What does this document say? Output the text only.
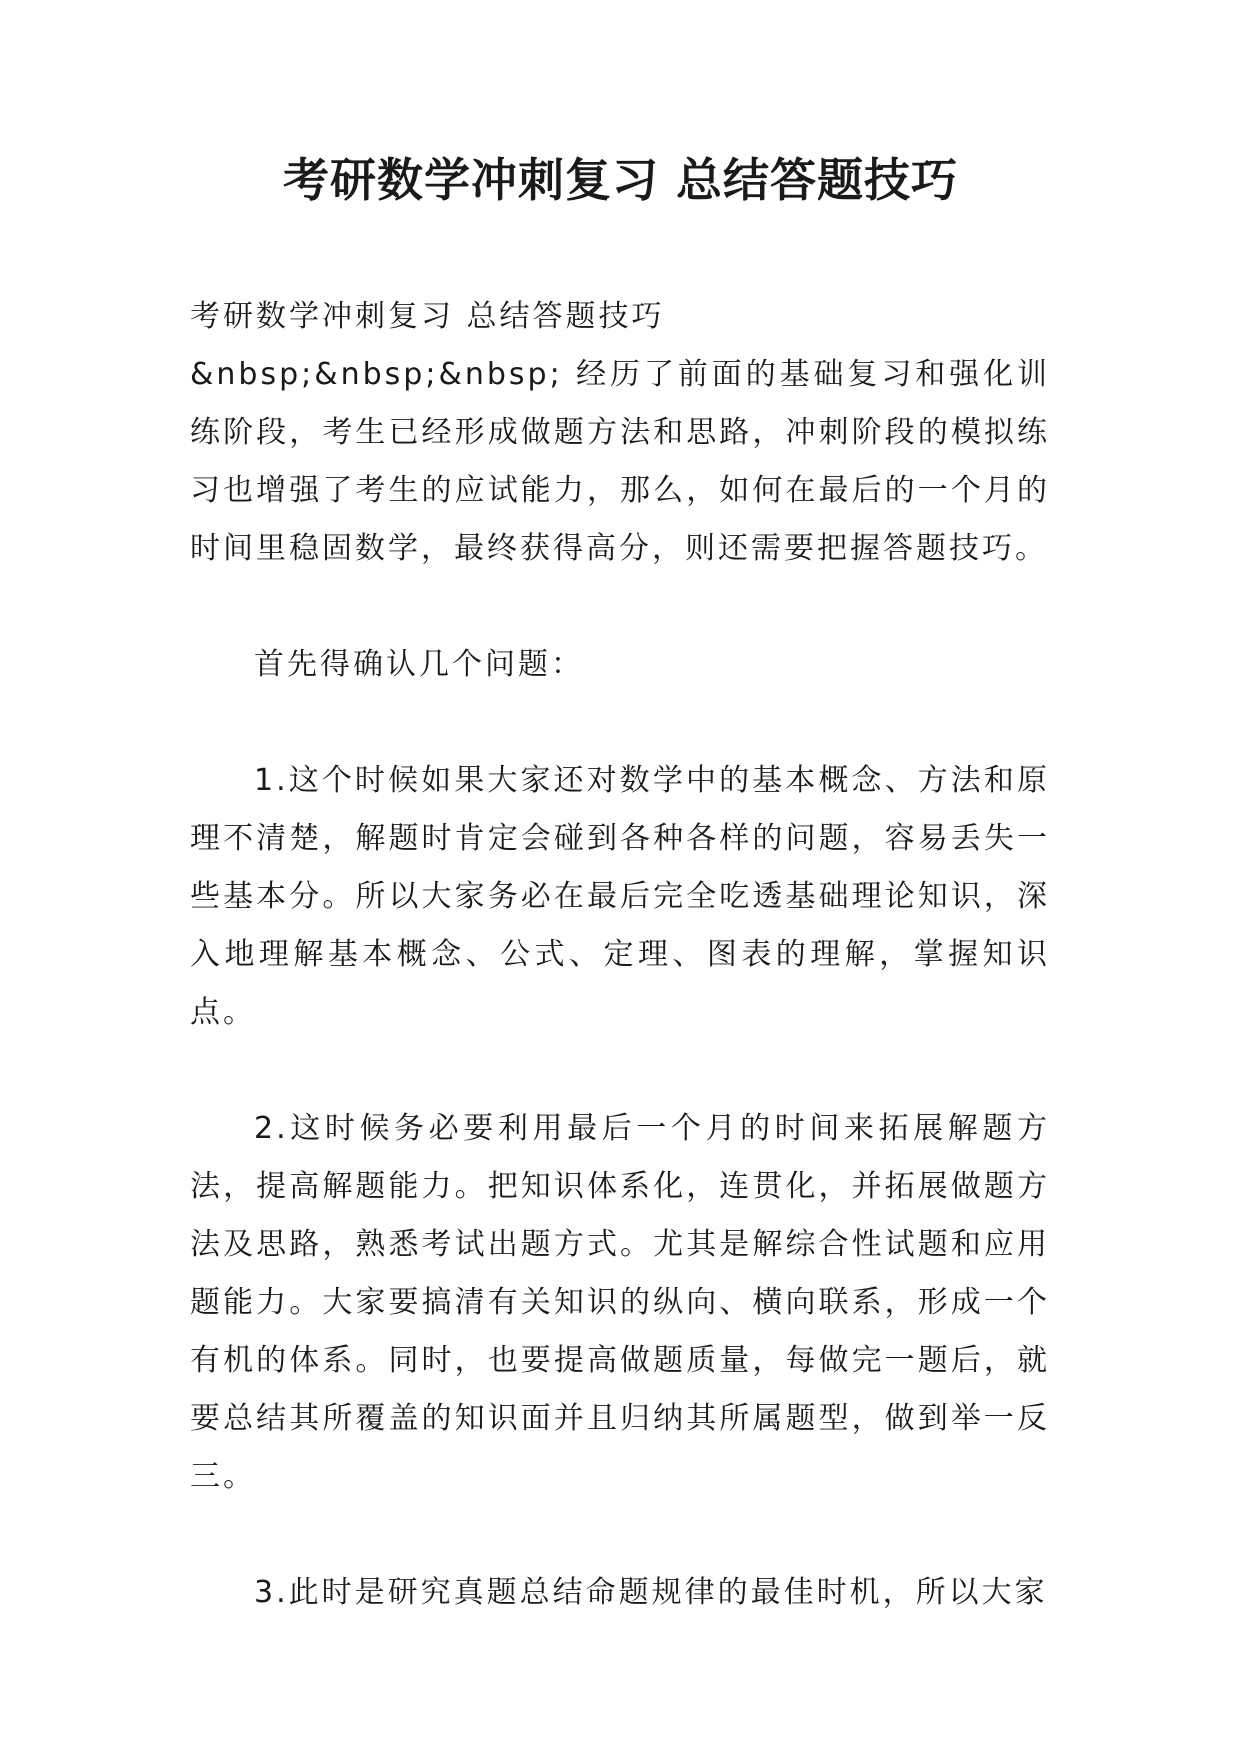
考研数学冲刺复习 总结答题技巧

考研数学冲刺复习 总结答题技巧

&nbsp;&nbsp;&nbsp; 经历了前面的基础复习和强化训练阶段，考生已经形成做题方法和思路，冲刺阶段的模拟练习也增强了考生的应试能力，那么，如何在最后的一个月的时间里稳固数学，最终获得高分，则还需要把握答题技巧。

首先得确认几个问题：

1.这个时候如果大家还对数学中的基本概念、方法和原理不清楚，解题时肯定会碰到各种各样的问题，容易丢失一些基本分。所以大家务必在最后完全吃透基础理论知识，深入地理解基本概念、公式、定理、图表的理解，掌握知识点。

2.这时候务必要利用最后一个月的时间来拓展解题方法，提高解题能力。把知识体系化，连贯化，并拓展做题方法及思路，熟悉考试出题方式。尤其是解综合性试题和应用题能力。大家要搞清有关知识的纵向、横向联系，形成一个有机的体系。同时，也要提高做题质量，每做完一题后，就要总结其所覆盖的知识面并且归纳其所属题型，做到举一反三。

3.此时是研究真题总结命题规律的最佳时机，所以大家
